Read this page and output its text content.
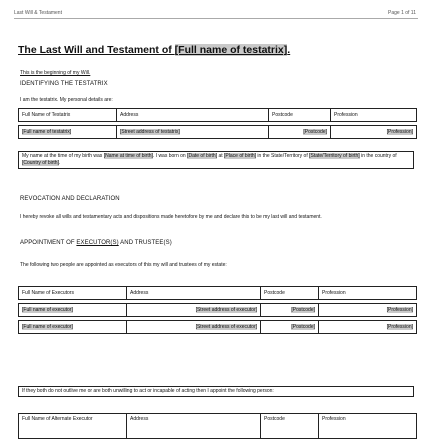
Last Will & Testament	Page 1 of 11
The Last Will and Testament of [Full name of testatrix].
This is the beginning of my Will.
IDENTIFYING THE TESTATRIX
I am the testatrix. My personal details are:
Full Name of Testatrix	Address	Postcode	Profession

[Full name of testatrix]	[Street address of testatrix]	[Postcode]	[Profession]
My name at the time of my birth was [Name at time of birth]. I was born on [Date of birth] at [Place of birth] in the State/Territory of [State/Territory of birth] in the country of [Country of birth].
REVOCATION AND DECLARATION
I hereby revoke all wills and testamentary acts and dispositions made heretofore by me and declare this to be my last will and testament.
APPOINTMENT OF EXECUTOR(S) AND TRUSTEE(S)
The following two people are appointed as executors of this my will and trustees of my estate:
Full Name of Executors	Address	Postcode	Profession

[Full name of executor]	[Street address of executor]	[Postcode]	[Profession]

[Full name of executor]	[Street address of executor]	[Postcode]	[Profession]
If they both do not outlive me or are both unwilling to act or incapable of acting then I appoint the following person:
Full Name of Alternate Executor	Address	Postcode	Profession
